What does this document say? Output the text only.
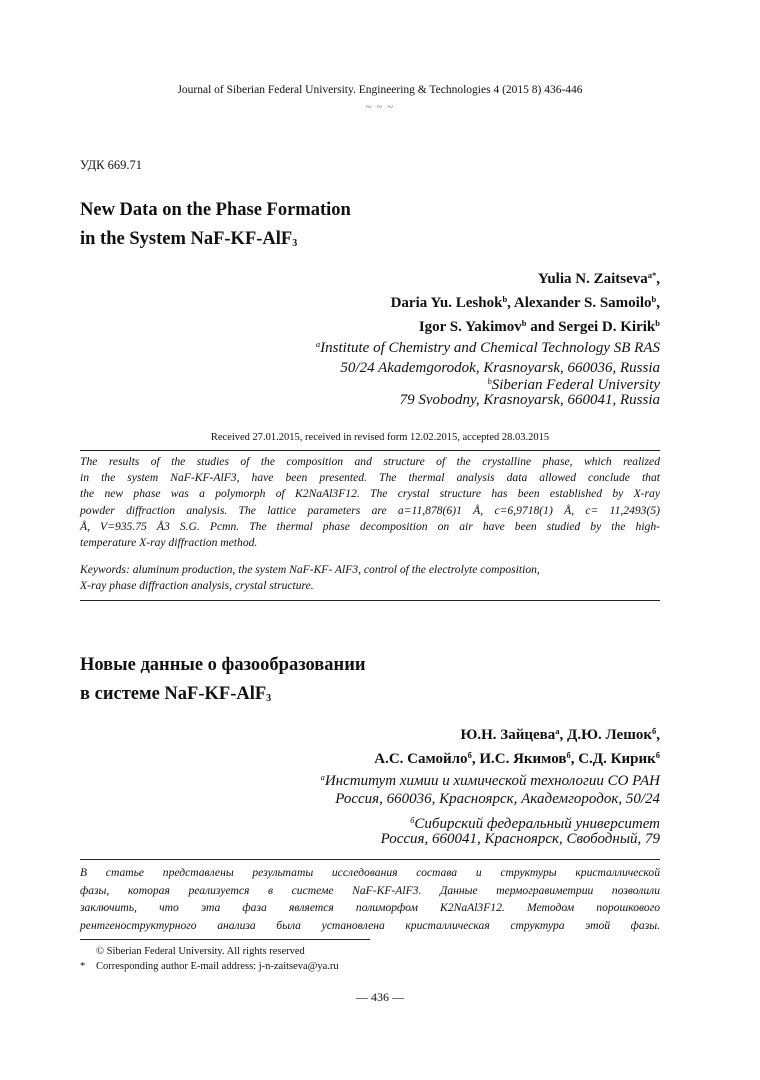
Journal of Siberian Federal University. Engineering & Technologies 4 (2015 8) 436-446
~ ~ ~
УДК 669.71
New Data on the Phase Formation
in the System NaF-KF-AlF$_3$
Yulia N. Zaitseva$^{a*}$,
Daria Yu. Leshok$^b$, Alexander S. Samoilo$^b$,
Igor S. Yakimov$^b$ and Sergei D. Kirik$^b$
$^a$Institute of Chemistry and Chemical Technology SB RAS
50/24 Akademgorodok, Krasnoyarsk, 660036, Russia
$^b$Siberian Federal University
79 Svobodny, Krasnoyarsk, 660041, Russia
Received 27.01.2015, received in revised form 12.02.2015, accepted 28.03.2015
The results of the studies of the composition and structure of the crystalline phase, which realized
in the system NaF-KF-AlF3, have been presented. The thermal analysis data allowed conclude that
the new phase was a polymorph of K2NaAl3F12. The crystal structure has been established by X-ray
powder diffraction analysis. The lattice parameters are a=11,878(6)1 Å, c=6,9718(1) Å, c= 11,2493(5)
Å, V=935.75 Å3 S.G. Pcmn. The thermal phase decomposition on air have been studied by the high-
temperature X-ray diffraction method.
Keywords: aluminum production, the system NaF-KF- AlF3, control of the electrolyte composition,
X-ray phase diffraction analysis, crystal structure.
Новые данные о фазообразовании
в системе NaF-KF-AlF$_3$
Ю.Н. Зайцева$^а$, Д.Ю. Лешок$^б$,
А.С. Самойло$^б$, И.С. Якимов$^б$, С.Д. Кирик$^б$
$^а$Институт химии и химической технологии СО РАН
Россия, 660036, Красноярск, Академгородок, 50/24
$^б$Сибирский федеральный университет
Россия, 660041, Красноярск, Свободный, 79
В статье представлены результаты исследования состава и структуры кристаллической
фазы, которая реализуется в системе NaF-KF-AlF3. Данные термогравиметрии позволили
заключить, что эта фаза является полиморфом K2NaAl3F12. Методом порошкового
рентгеноструктурного анализа была установлена кристаллическая структура этой фазы.
© Siberian Federal University. All rights reserved
* Corresponding author E-mail address: j-n-zaitseva@ya.ru
— 436 —
